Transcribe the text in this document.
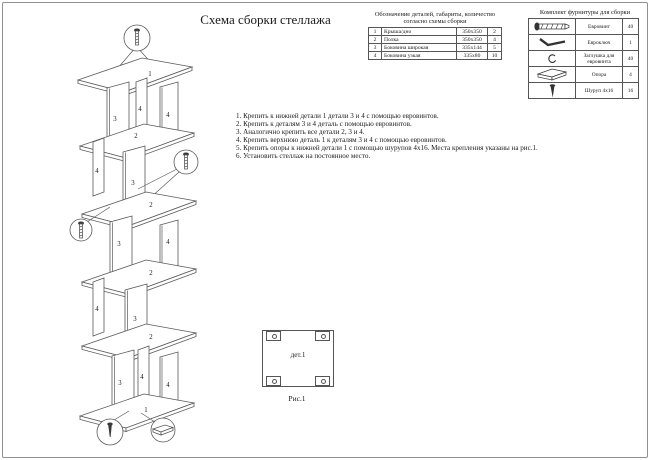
Схема сборки стеллажа
1
3
4
4
2
4
3
2
3	4
2
4
3
2
3
4
4
1
Обозначение деталей, габариты, количество
согласно схемы сборки
1	Крыша/дно	350x350	2
2	Полка	350x350	4
3	Боковина широкая	335x144	5
4	Боковина узкая	335x80	10
Комплект фурнитуры для сборки
	Евровинт	40
	Евроключ	1
	Заглушка для евровинта	40
	Опора	4
	Шуруп 4x16	16
1. Крепить к нижней детали 1 детали 3 и 4 с помощью евровинтов.
2. Крепить к деталям 3 и 4 деталь с помощью евровинтов.
3. Аналогично крепить все детали 2, 3 и 4.
4. Крепить верхнюю деталь 1 к деталям 3 и 4 с помощью евровинтов.
5. Крепить опоры к нижней детали 1 с помощью шурупов 4x16. Места крепления указаны на рис.1.
6. Установить стеллаж на постоянное место.
дет.1
Рис.1
